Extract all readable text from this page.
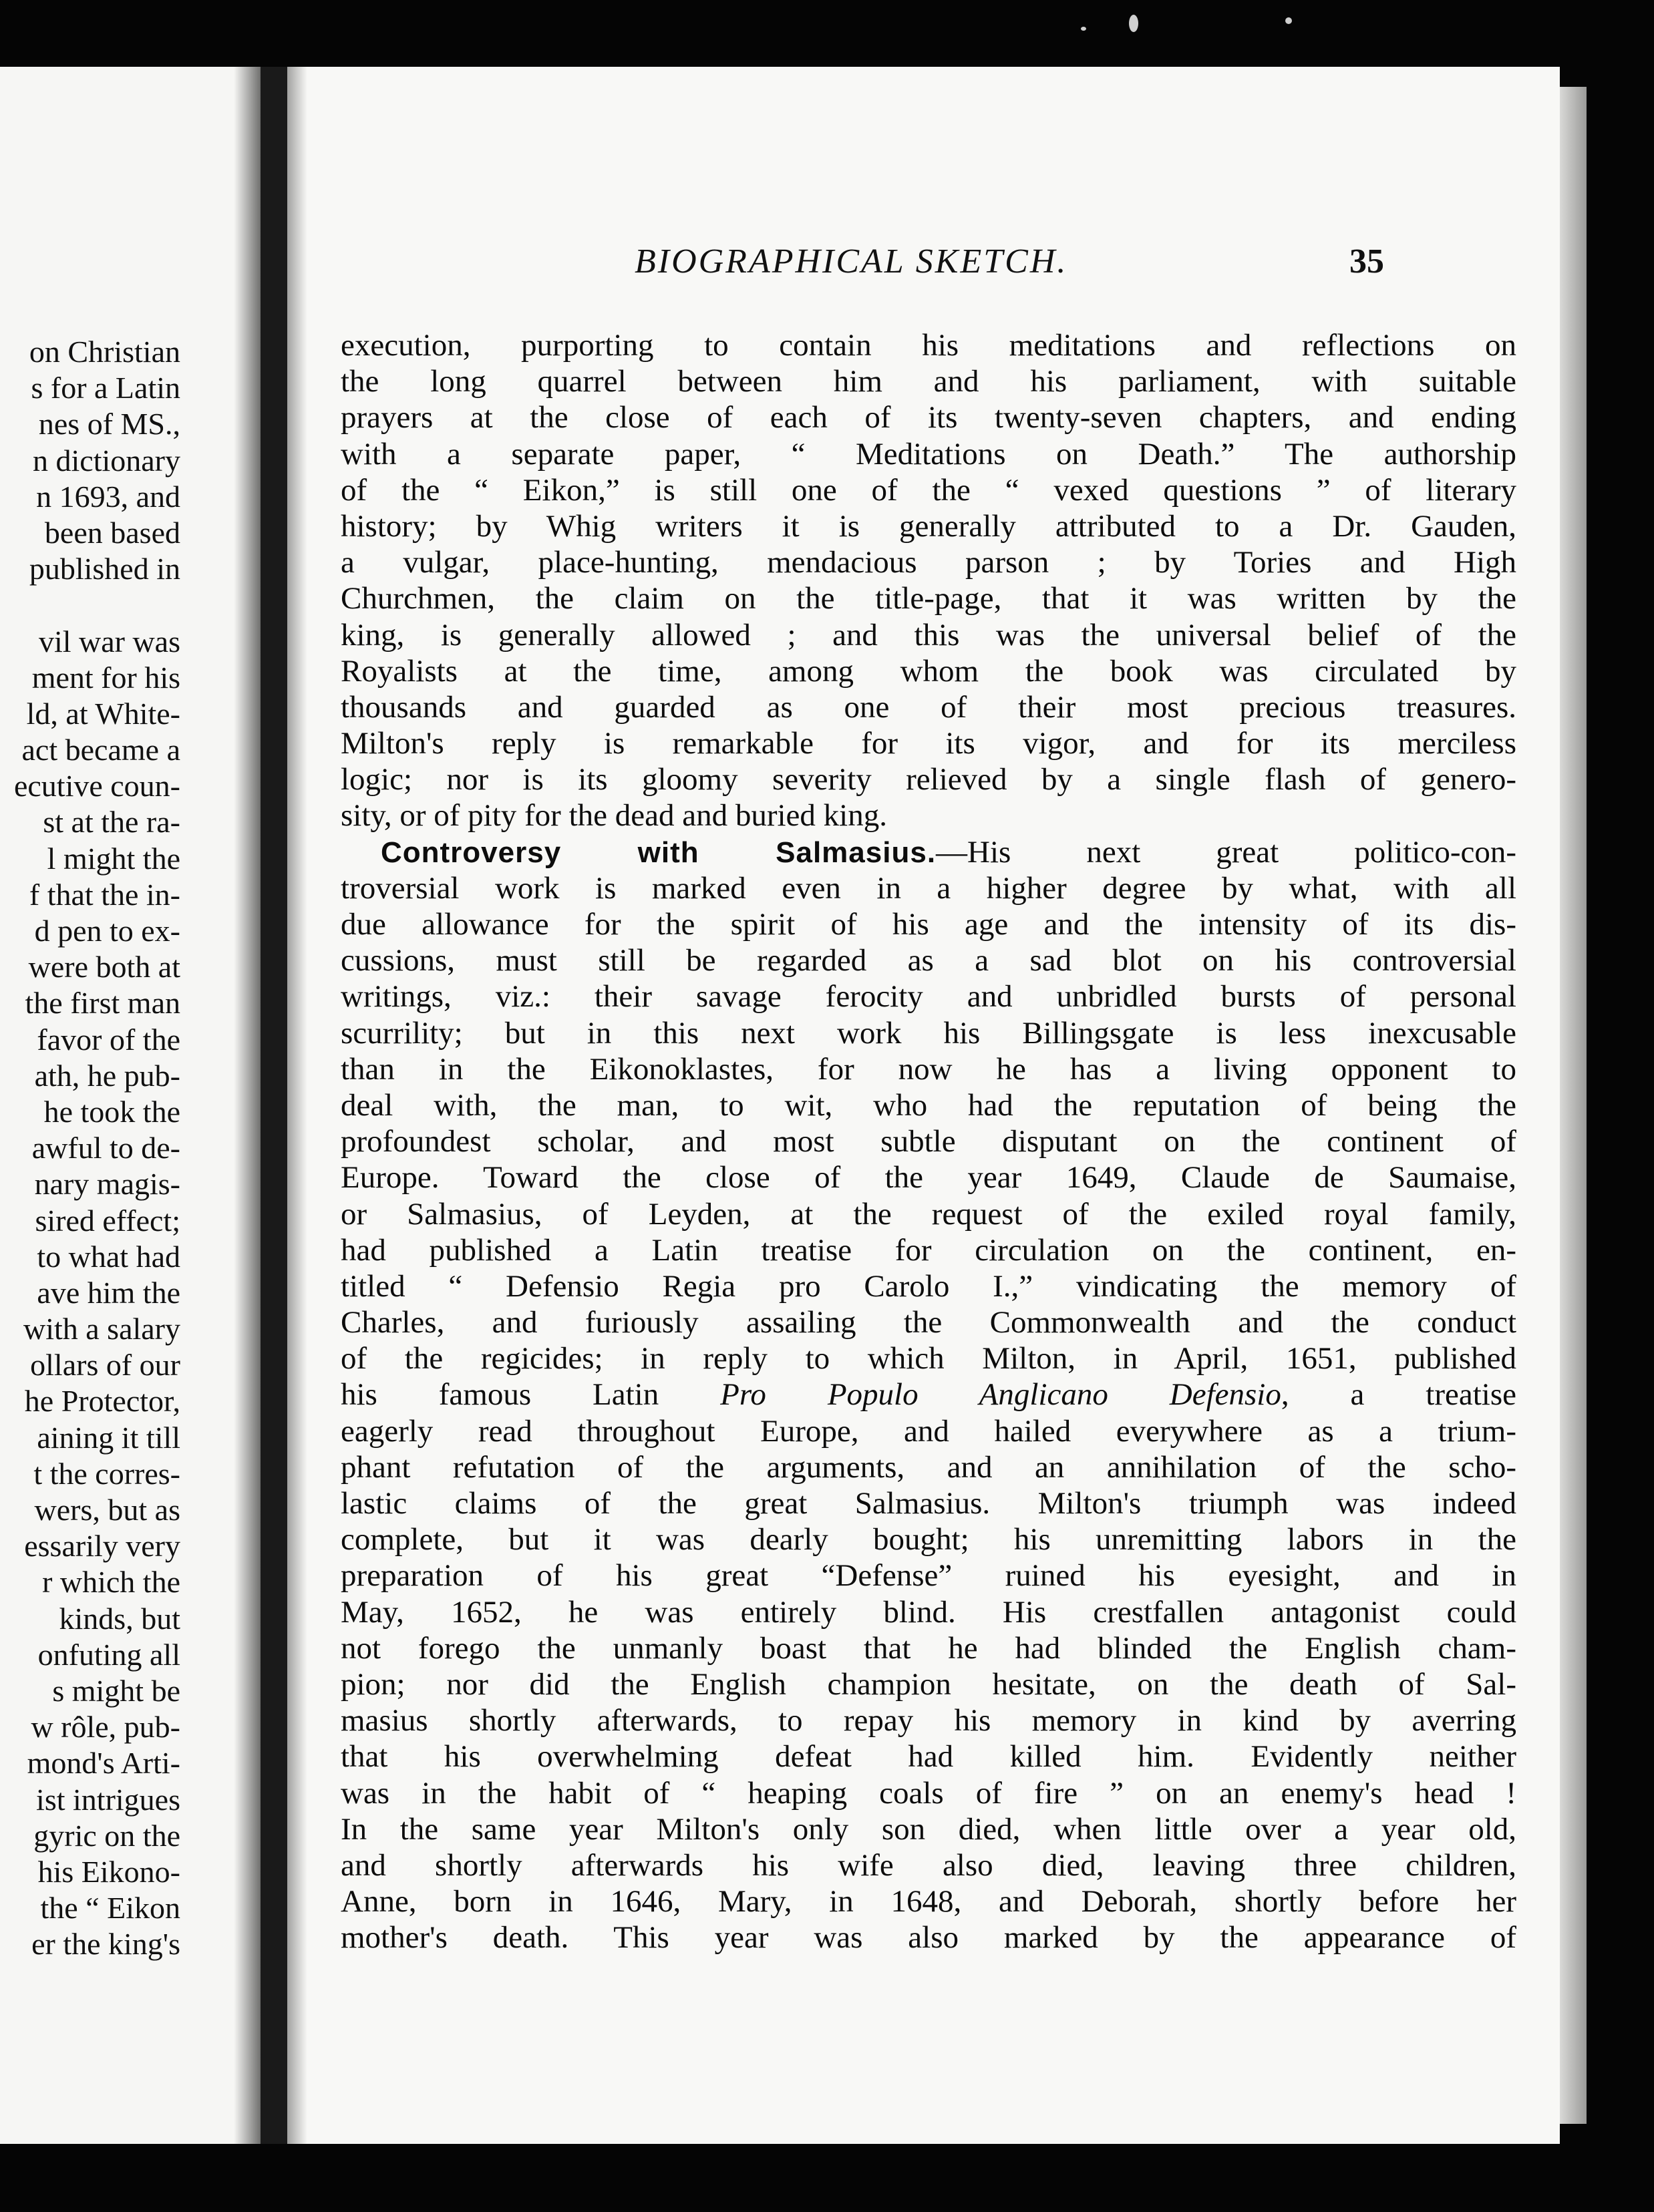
on Christian
s for a Latin
nes of MS.,
n dictionary
n 1693, and
been based
published in
vil war was
ment for his
ld, at White-
act became a
ecutive coun-
st at the ra-
l might the
f that the in-
d pen to ex-
were both at
the first man
favor of the
ath, he pub-
he took the
awful to de-
nary magis-
sired effect;
to what had
ave him the
with a salary
ollars of our
he Protector,
aining it till
t the corres-
wers, but as
essarily very
r which the
kinds, but
onfuting all
s might be
w rôle, pub-
mond's Arti-
ist intrigues
gyric on the
his Eikono-
the “ Eikon
er the king's
BIOGRAPHICAL SKETCH.	35
execution, purporting to contain his meditations and reflections on
the long quarrel between him and his parliament, with suitable
prayers at the close of each of its twenty-seven chapters, and ending
with a separate paper, “ Meditations on Death.” The authorship
of the “ Eikon,” is still one of the “ vexed questions ” of literary
history; by Whig writers it is generally attributed to a Dr. Gauden,
a vulgar, place-hunting, mendacious parson ; by Tories and High
Churchmen, the claim on the title-page, that it was written by the
king, is generally allowed ; and this was the universal belief of the
Royalists at the time, among whom the book was circulated by
thousands and guarded as one of their most precious treasures.
Milton's reply is remarkable for its vigor, and for its merciless
logic; nor is its gloomy severity relieved by a single flash of genero-
sity, or of pity for the dead and buried king.
Controversy with Salmasius.—His next great politico-con-
troversial work is marked even in a higher degree by what, with all
due allowance for the spirit of his age and the intensity of its dis-
cussions, must still be regarded as a sad blot on his controversial
writings, viz.: their savage ferocity and unbridled bursts of personal
scurrility; but in this next work his Billingsgate is less inexcusable
than in the Eikonoklastes, for now he has a living opponent to
deal with, the man, to wit, who had the reputation of being the
profoundest scholar, and most subtle disputant on the continent of
Europe. Toward the close of the year 1649, Claude de Saumaise,
or Salmasius, of Leyden, at the request of the exiled royal family,
had published a Latin treatise for circulation on the continent, en-
titled “ Defensio Regia pro Carolo I.,” vindicating the memory of
Charles, and furiously assailing the Commonwealth and the conduct
of the regicides; in reply to which Milton, in April, 1651, published
his famous Latin Pro Populo Anglicano Defensio, a treatise
eagerly read throughout Europe, and hailed everywhere as a trium-
phant refutation of the arguments, and an annihilation of the scho-
lastic claims of the great Salmasius. Milton's triumph was indeed
complete, but it was dearly bought; his unremitting labors in the
preparation of his great “Defense” ruined his eyesight, and in
May, 1652, he was entirely blind. His crestfallen antagonist could
not forego the unmanly boast that he had blinded the English cham-
pion; nor did the English champion hesitate, on the death of Sal-
masius shortly afterwards, to repay his memory in kind by averring
that his overwhelming defeat had killed him. Evidently neither
was in the habit of “ heaping coals of fire ” on an enemy's head !
In the same year Milton's only son died, when little over a year old,
and shortly afterwards his wife also died, leaving three children,
Anne, born in 1646, Mary, in 1648, and Deborah, shortly before her
mother's death. This year was also marked by the appearance of
